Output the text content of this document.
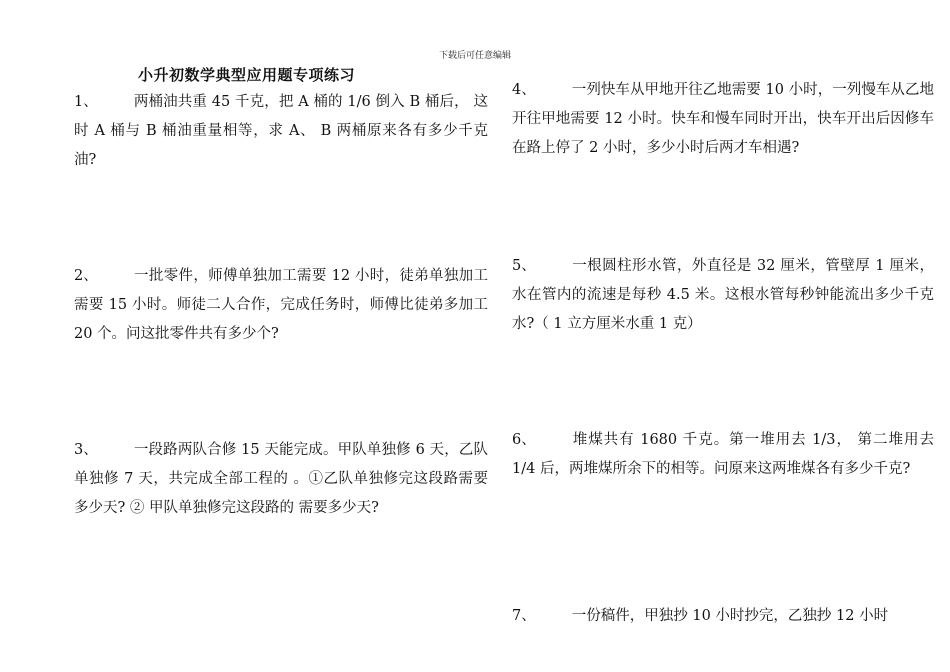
下载后可任意编辑
小升初数学典型应用题专项练习
1、 两桶油共重 45 千克，把 A 桶的 1/6 倒入 B 桶后， 这时 A 桶与 B 桶油重量相等，求 A、 B 两桶原来各有多少千克油?
2、 一批零件，师傅单独加工需要 12 小时，徒弟单独加工需要 15 小时。师徒二人合作，完成任务时，师傅比徒弟多加工 20 个。问这批零件共有多少个?
3、 一段路两队合修 15 天能完成。甲队单独修 6 天，乙队单独修 7 天，共完成全部工程的 。①乙队单独修完这段路需要多少天? ② 甲队单独修完这段路的 需要多少天?
4、 一列快车从甲地开往乙地需要 10 小时，一列慢车从乙地开往甲地需要 12 小时。快车和慢车同时开出，快车开出后因修车在路上停了 2 小时，多少小时后两才车相遇?
5、 一根圆柱形水管，外直径是 32 厘米，管壁厚 1 厘米， 水在管内的流速是每秒 4.5 米。这根水管每秒钟能流出多少千克水?（ 1 立方厘米水重 1 克）
6、 堆煤共有 1680 千克。第一堆用去 1/3， 第二堆用去 1/4 后，两堆煤所余下的相等。问原来这两堆煤各有多少千克?
7、 一份稿件，甲独抄 10 小时抄完，乙独抄 12 小时
